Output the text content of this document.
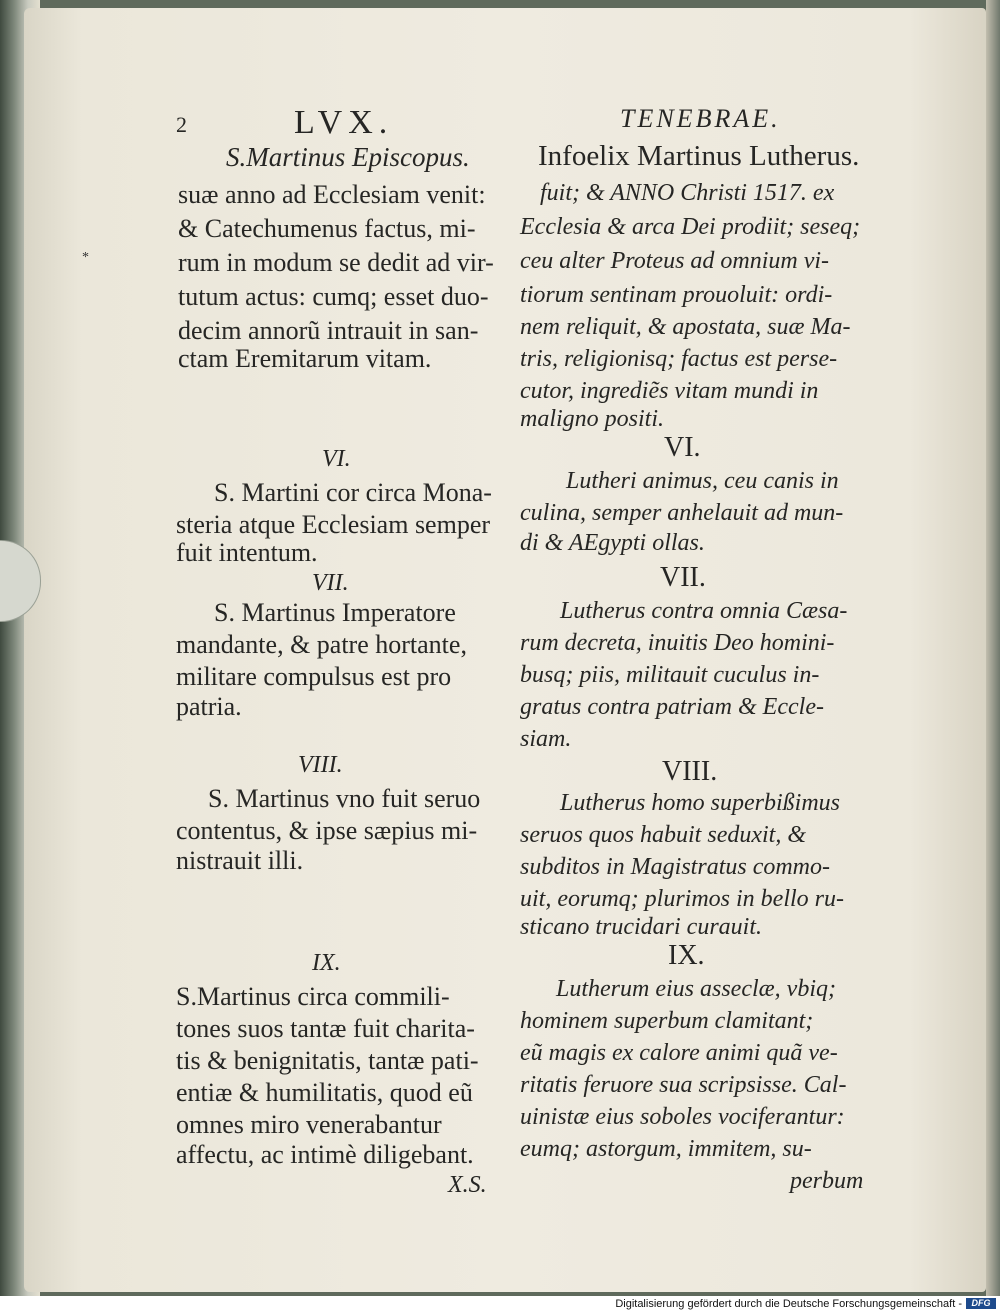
2	LVX.	TENEBRAE.
S.Martinus Episcopus. Infoelix Martinus Lutherus.
*
suæ anno ad Ecclesiam venit:
& Catechumenus factus, mi-
rum in modum se dedit ad vir-
tutum actus: cumq; esset duo-
decim annorũ intrauit in san-
ctam Eremitarum vitam.
VI.
S. Martini cor circa Mona-
steria atque Ecclesiam semper
fuit intentum.
VII.
S. Martinus Imperatore
mandante, & patre hortante,
militare compulsus est pro
patria.
VIII.
S. Martinus vno fuit seruo
contentus, & ipse sæpius mi-
nistrauit illi.
IX.
S.Martinus circa commili-
tones suos tantæ fuit charita-
tis & benignitatis, tantæ pati-
entiæ & humilitatis, quod eũ
omnes miro venerabantur
affectu, ac intimè diligebant.
X.S.
fuit; & ANNO Christi 1517. ex
Ecclesia & arca Dei prodiit; seseq;
ceu alter Proteus ad omnium vi-
tiorum sentinam prouoluit: ordi-
nem reliquit, & apostata, suæ Ma-
tris, religionisq; factus est perse-
cutor, ingrediẽs vitam mundi in
maligno positi.
VI.
Lutheri animus, ceu canis in
culina, semper anhelauit ad mun-
di & AEgypti ollas.
VII.
Lutherus contra omnia Cæsa-
rum decreta, inuitis Deo homini-
busq; piis, militauit cuculus in-
gratus contra patriam & Eccle-
siam.
VIII.
Lutherus homo superbißimus
seruos quos habuit seduxit, &
subditos in Magistratus commo-
uit, eorumq; plurimos in bello ru-
sticano trucidari curauit.
IX.
Lutherum eius asseclæ, vbiq;
hominem superbum clamitant;
eũ magis ex calore animi quã ve-
ritatis feruore sua scripsisse. Cal-
uinistæ eius soboles vociferantur:
eumq; astorgum, immitem, su-
perbum
Digitalisierung gefördert durch die Deutsche Forschungsgemeinschaft -	DFG
